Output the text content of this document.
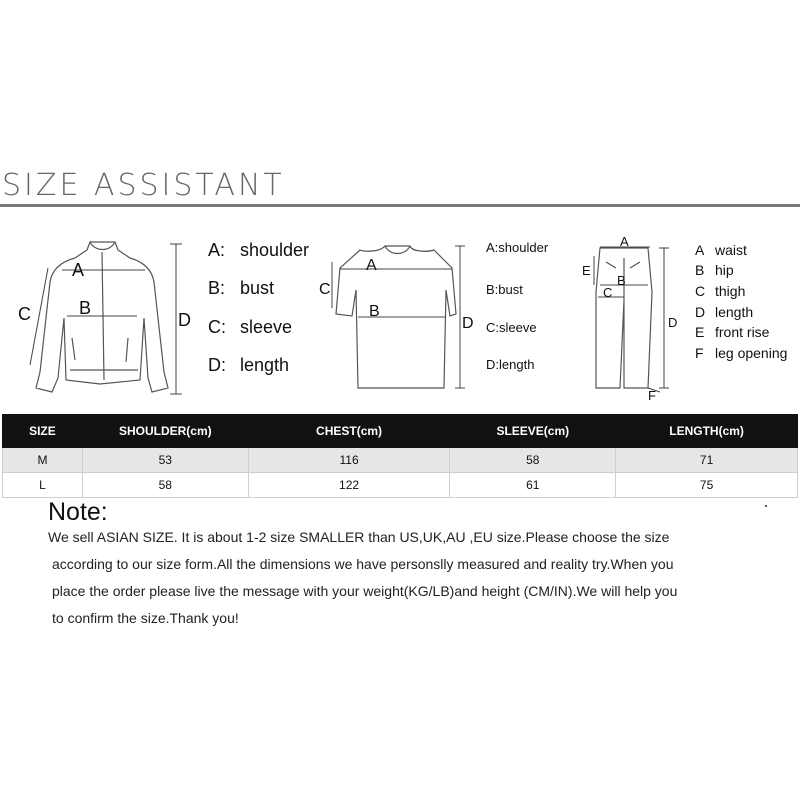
SIZE ASSISTANT
A
B
C	D
A
B
C
D
A
B
C
D
E
F
A: shoulder
B: bust
C: sleeve
D: length
A:shoulder
B:bust
C:sleeve
D:length
A waist
B hip
C thigh
D length
E front rise
F leg opening
SIZE	SHOULDER(cm)	CHEST(cm)	SLEEVE(cm)	LENGTH(cm)
M	53	116	58	71
L	58	122	61	75
Note:
We sell ASIAN SIZE. It is about 1-2 size SMALLER than US,UK,AU ,EU size.Please choose the size
according to our size form.All the dimensions we have personslly measured and reality try.When you
place the order please live the message with your weight(KG/LB)and height (CM/IN).We will help you
to confirm the size.Thank you!
